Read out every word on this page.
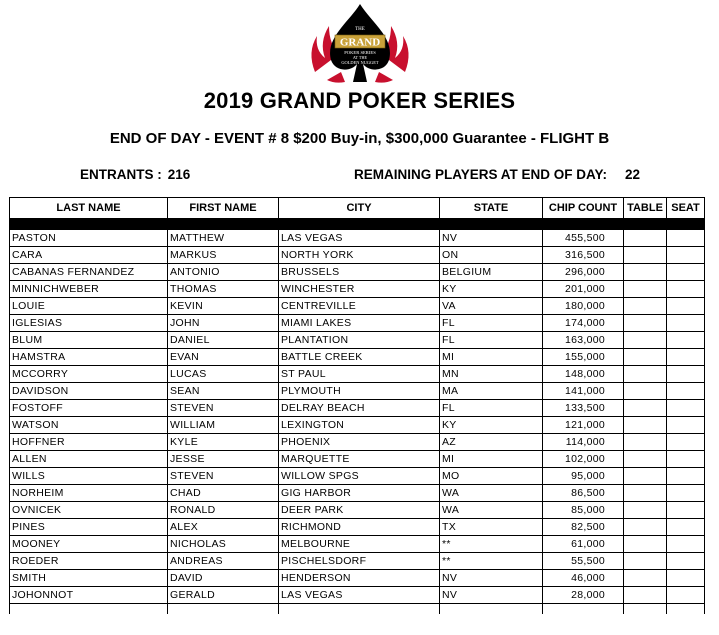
THE
GRAND
POKER SERIES
AT THE
GOLDEN NUGGET
2019 GRAND POKER SERIES
END OF DAY - EVENT # 8 $200 Buy-in, $300,000 Guarantee - FLIGHT B
ENTRANTS : 216	REMAINING PLAYERS AT END OF DAY: 22
LAST NAME	FIRST NAME	CITY	STATE	CHIP COUNT	TABLE	SEAT

PASTON	MATTHEW	LAS VEGAS	NV	455,500		
CARA	MARKUS	NORTH YORK	ON	316,500		
CABANAS FERNANDEZ	ANTONIO	BRUSSELS	BELGIUM	296,000		
MINNICHWEBER	THOMAS	WINCHESTER	KY	201,000		
LOUIE	KEVIN	CENTREVILLE	VA	180,000		
IGLESIAS	JOHN	MIAMI LAKES	FL	174,000		
BLUM	DANIEL	PLANTATION	FL	163,000		
HAMSTRA	EVAN	BATTLE CREEK	MI	155,000		
MCCORRY	LUCAS	ST PAUL	MN	148,000		
DAVIDSON	SEAN	PLYMOUTH	MA	141,000		
FOSTOFF	STEVEN	DELRAY BEACH	FL	133,500		
WATSON	WILLIAM	LEXINGTON	KY	121,000		
HOFFNER	KYLE	PHOENIX	AZ	114,000		
ALLEN	JESSE	MARQUETTE	MI	102,000		
WILLS	STEVEN	WILLOW SPGS	MO	95,000		
NORHEIM	CHAD	GIG HARBOR	WA	86,500		
OVNICEK	RONALD	DEER PARK	WA	85,000		
PINES	ALEX	RICHMOND	TX	82,500		
MOONEY	NICHOLAS	MELBOURNE	**	61,000		
ROEDER	ANDREAS	PISCHELSDORF	**	55,500		
SMITH	DAVID	HENDERSON	NV	46,000		
JOHONNOT	GERALD	LAS VEGAS	NV	28,000		
